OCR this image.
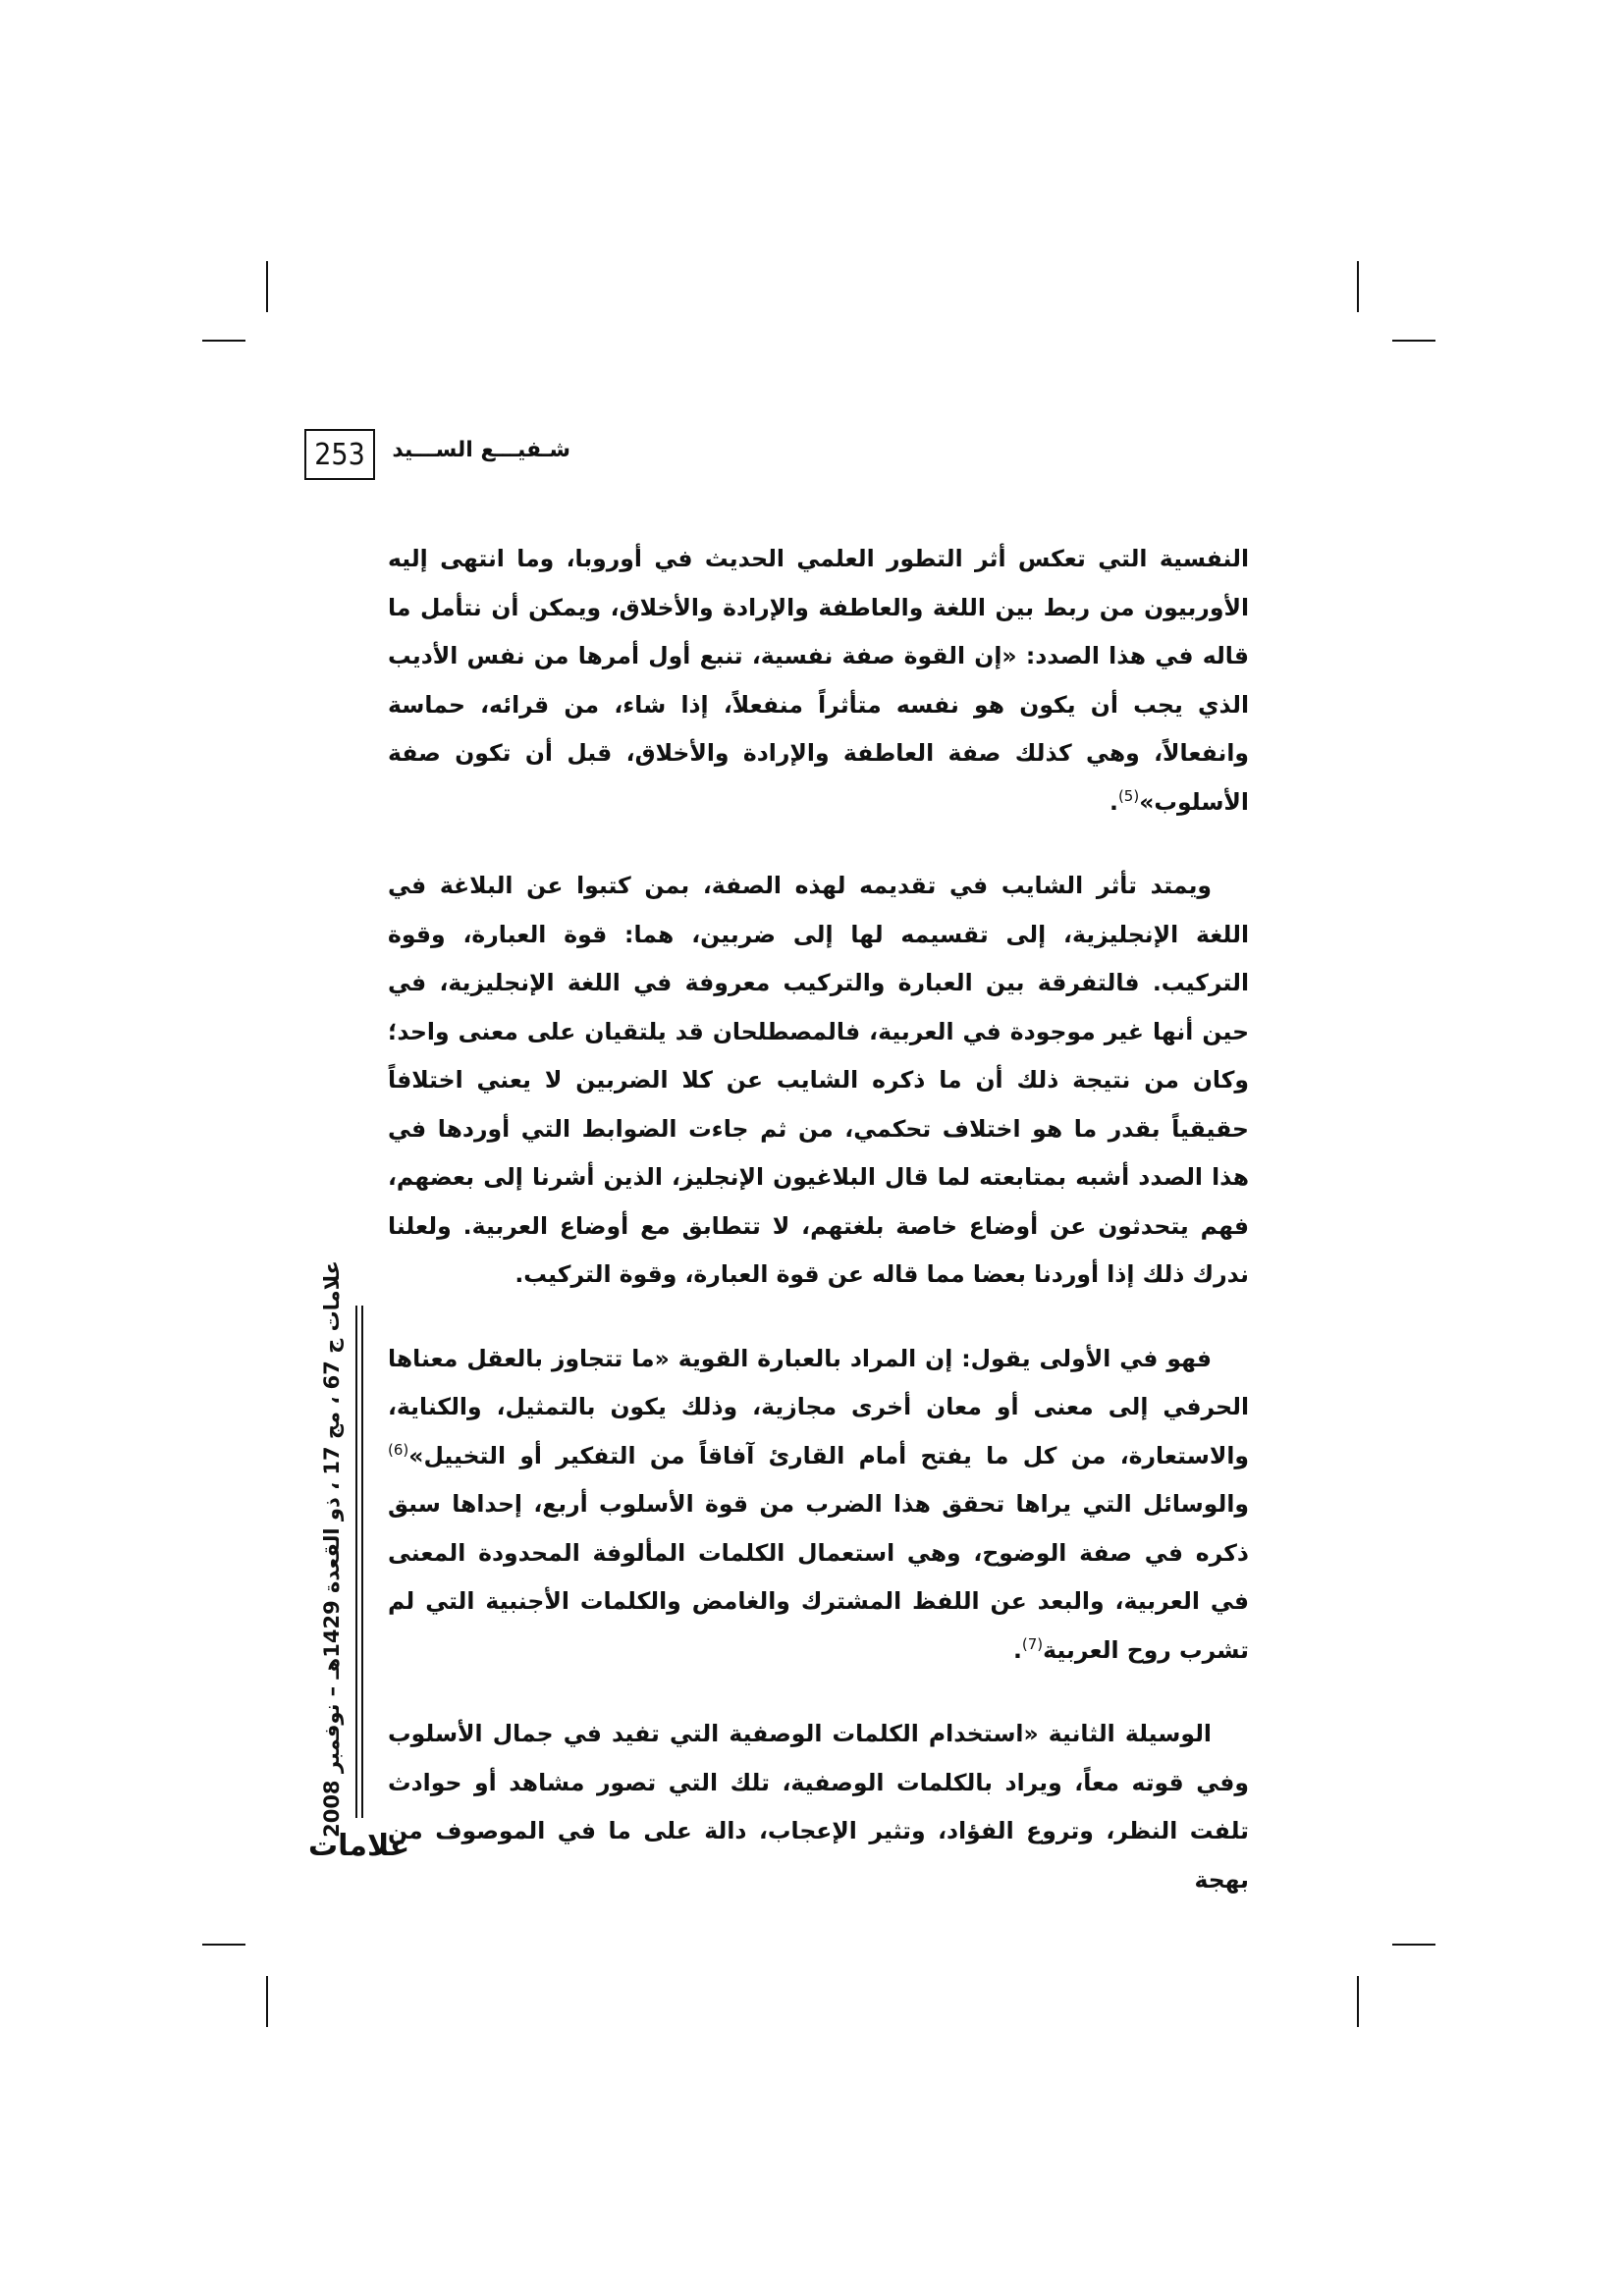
253	شـفيـــع الســـيد

النفسية التي تعكس أثر التطور العلمي الحديث في أوروبا، وما انتهى إليه الأوربيون من ربط بين اللغة والعاطفة والإرادة والأخلاق، ويمكن أن نتأمل ما قاله في هذا الصدد: «إن القوة صفة نفسية، تنبع أول أمرها من نفس الأديب الذي يجب أن يكون هو نفسه متأثراً منفعلاً، إذا شاء، من قرائه، حماسة وانفعالاً، وهي كذلك صفة العاطفة والإرادة والأخلاق، قبل أن تكون صفة الأسلوب»$^{(5)}$.

ويمتد تأثر الشايب في تقديمه لهذه الصفة، بمن كتبوا عن البلاغة في اللغة الإنجليزية، إلى تقسيمه لها إلى ضربين، هما: قوة العبارة، وقوة التركيب. فالتفرقة بين العبارة والتركيب معروفة في اللغة الإنجليزية، في حين أنها غير موجودة في العربية، فالمصطلحان قد يلتقيان على معنى واحد؛ وكان من نتيجة ذلك أن ما ذكره الشايب عن كلا الضربين لا يعني اختلافاً حقيقياً بقدر ما هو اختلاف تحكمي، من ثم جاءت الضوابط التي أوردها في هذا الصدد أشبه بمتابعته لما قال البلاغيون الإنجليز، الذين أشرنا إلى بعضهم، فهم يتحدثون عن أوضاع خاصة بلغتهم، لا تتطابق مع أوضاع العربية. ولعلنا ندرك ذلك إذا أوردنا بعضا مما قاله عن قوة العبارة، وقوة التركيب.

فهو في الأولى يقول: إن المراد بالعبارة القوية «ما تتجاوز بالعقل معناها الحرفي إلى معنى أو معان أخرى مجازية، وذلك يكون بالتمثيل، والكناية، والاستعارة، من كل ما يفتح أمام القارئ آفاقاً من التفكير أو التخييل»$^{(6)}$ والوسائل التي يراها تحقق هذا الضرب من قوة الأسلوب أربع، إحداها سبق ذكره في صفة الوضوح، وهي استعمال الكلمات المألوفة المحدودة المعنى في العربية، والبعد عن اللفظ المشترك والغامض والكلمات الأجنبية التي لم تشرب روح العربية$^{(7)}$.

الوسيلة الثانية «استخدام الكلمات الوصفية التي تفيد في جمال الأسلوب وفي قوته معاً، ويراد بالكلمات الوصفية، تلك التي تصور مشاهد أو حوادث تلفت النظر، وتروع الفؤاد، وتثير الإعجاب، دالة على ما في الموصوف من بهجة

علامات ج 67 ، مج 17 ، ذو القعدة 1429هـ – نوفمبر 2008
علامات
